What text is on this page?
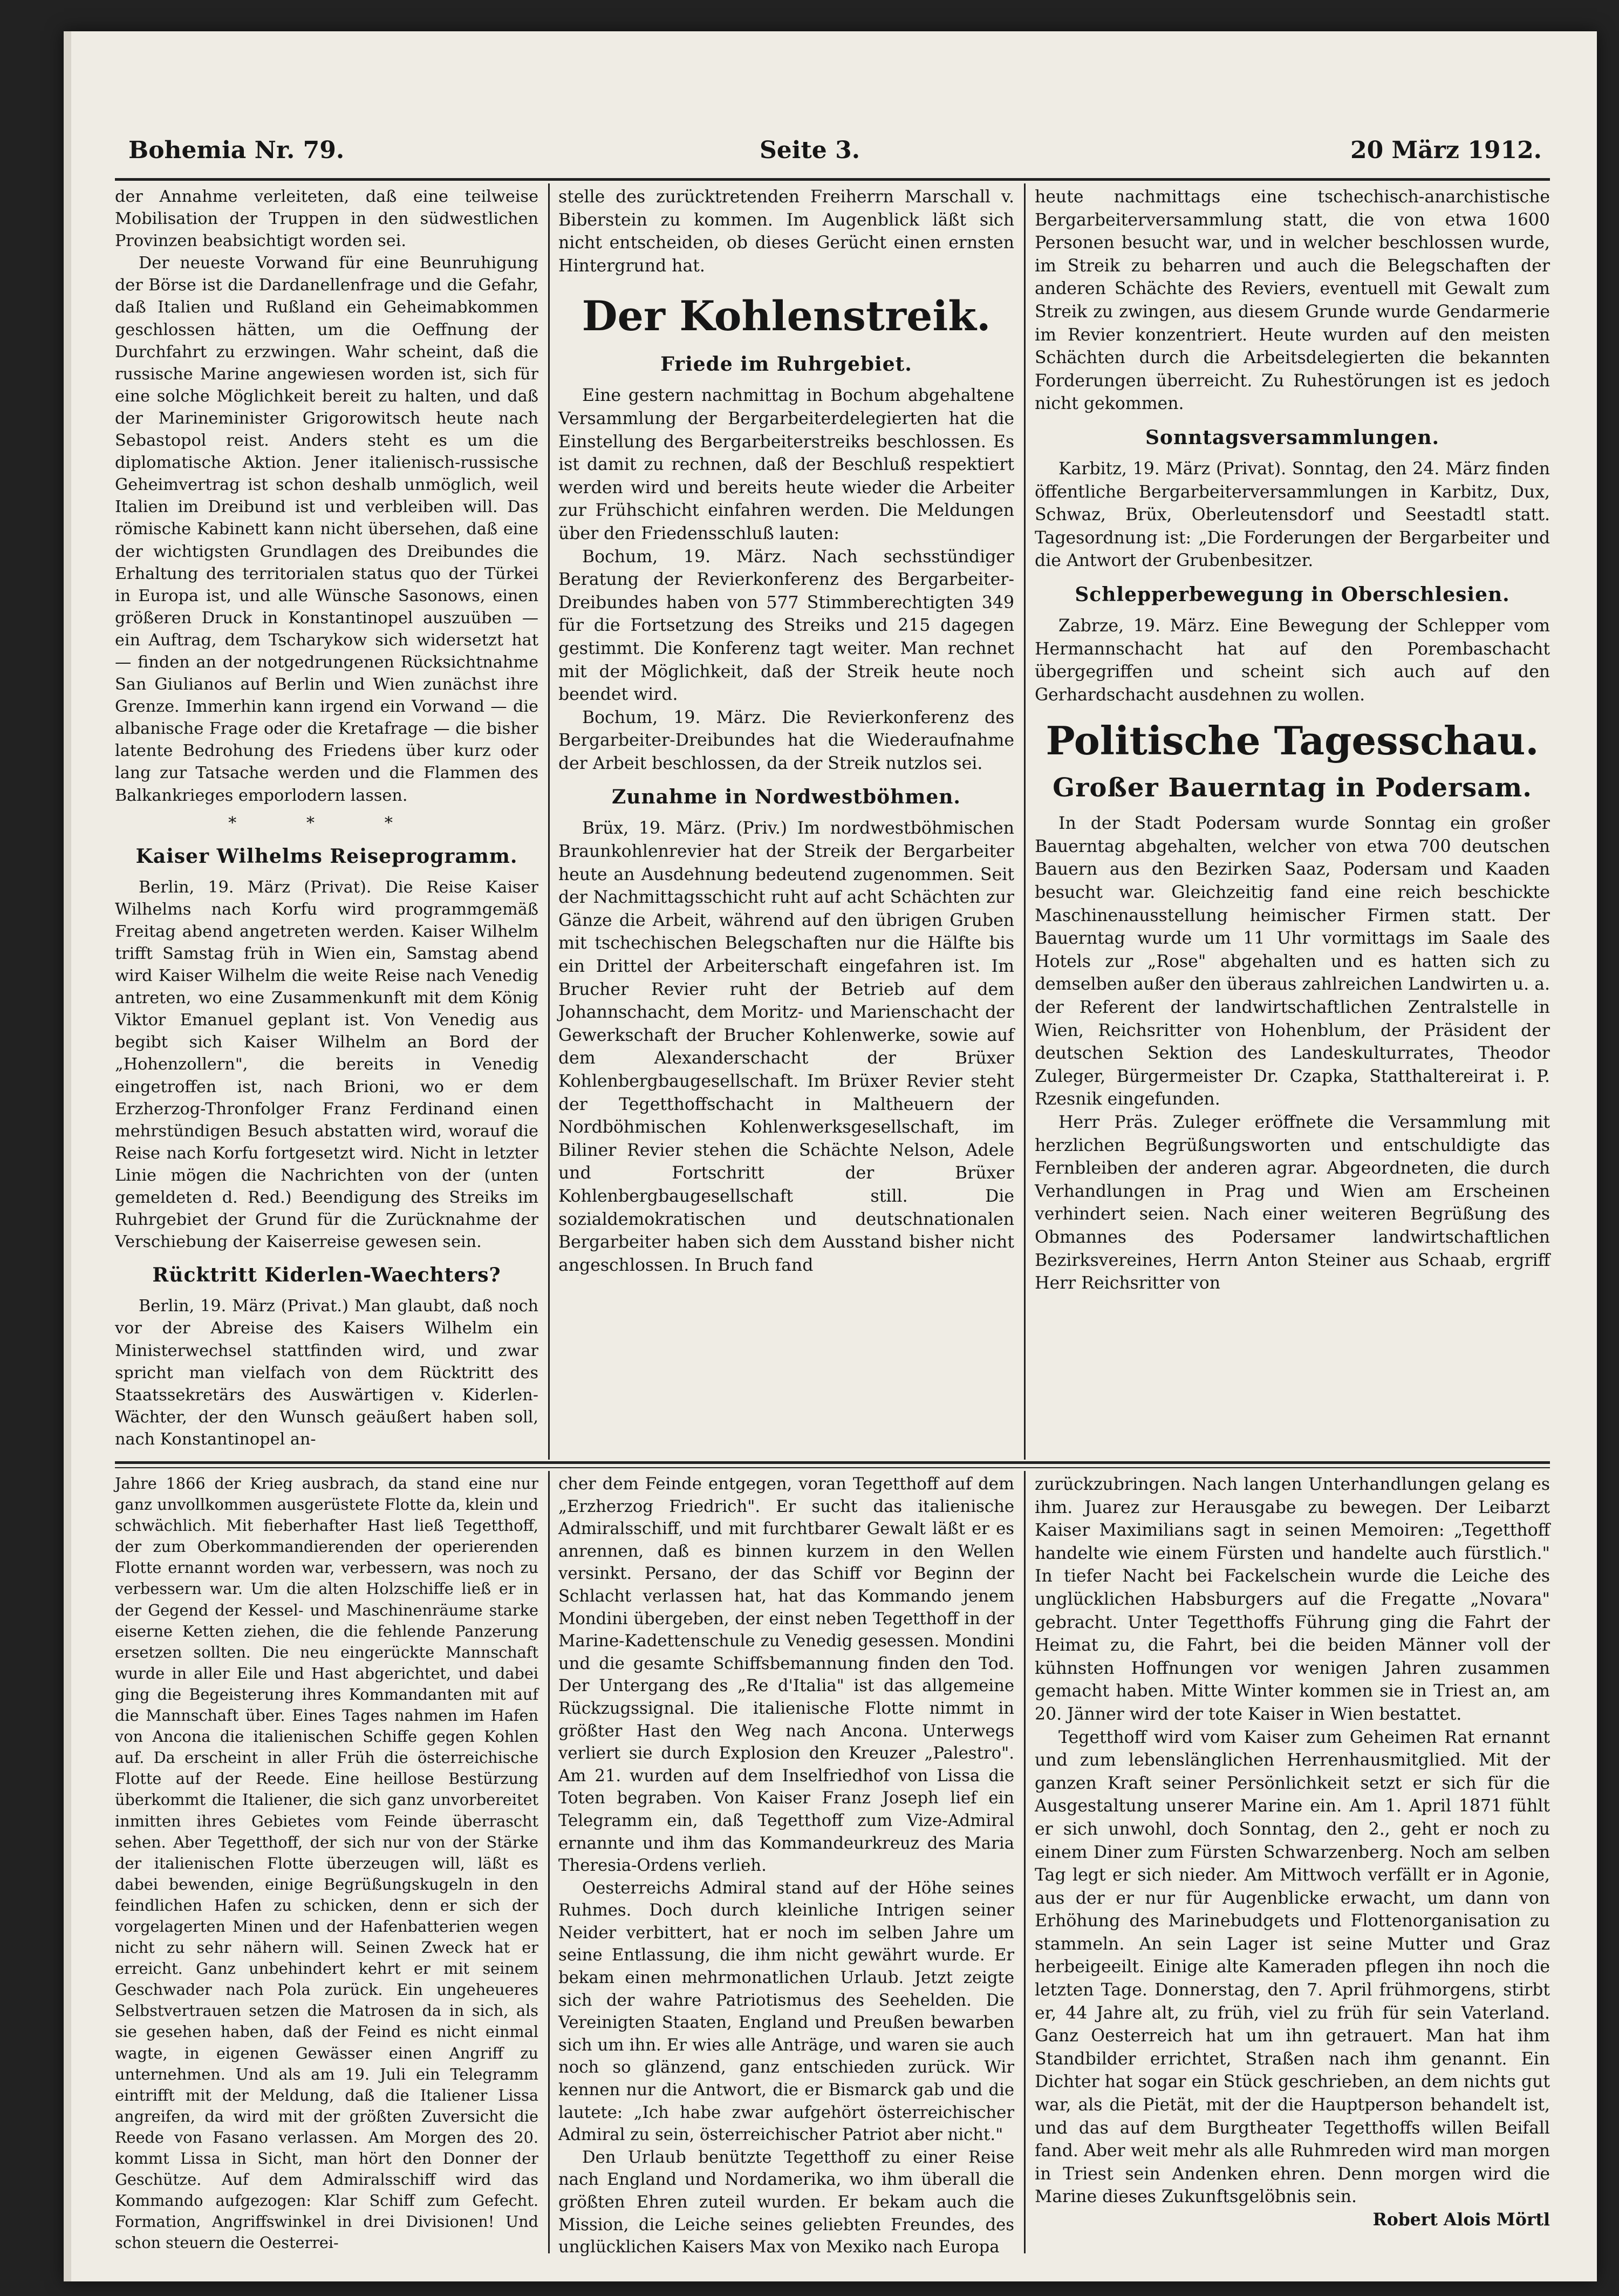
Bohemia Nr. 79.	Seite 3.	20 März 1912.

der Annahme verleiteten, daß eine teilweise Mobilisation der Truppen in den südwestlichen Provinzen beabsichtigt worden sei.

Der neueste Vorwand für eine Beunruhigung der Börse ist die Dardanellenfrage und die Gefahr, daß Italien und Rußland ein Geheimabkommen geschlossen hätten, um die Oeffnung der Durchfahrt zu erzwingen. Wahr scheint, daß die russische Marine angewiesen worden ist, sich für eine solche Möglichkeit bereit zu halten, und daß der Marineminister Grigorowitsch heute nach Sebastopol reist. Anders steht es um die diplomatische Aktion. Jener italienisch-russische Geheimvertrag ist schon deshalb unmöglich, weil Italien im Dreibund ist und verbleiben will. Das römische Kabinett kann nicht übersehen, daß eine der wichtigsten Grundlagen des Dreibundes die Erhaltung des territorialen status quo der Türkei in Europa ist, und alle Wünsche Sasonows, einen größeren Druck in Konstantinopel auszuüben — ein Auftrag, dem Tscharykow sich widersetzt hat — finden an der notgedrungenen Rücksichtnahme San Giulianos auf Berlin und Wien zunächst ihre Grenze. Immerhin kann irgend ein Vorwand — die albanische Frage oder die Kretafrage — die bisher latente Bedrohung des Friedens über kurz oder lang zur Tatsache werden und die Flammen des Balkankrieges emporlodern lassen.

* * *

Kaiser Wilhelms Reiseprogramm.

Berlin, 19. März (Privat). Die Reise Kaiser Wilhelms nach Korfu wird programmgemäß Freitag abend angetreten werden. Kaiser Wilhelm trifft Samstag früh in Wien ein, Samstag abend wird Kaiser Wilhelm die weite Reise nach Venedig antreten, wo eine Zusammenkunft mit dem König Viktor Emanuel geplant ist. Von Venedig aus begibt sich Kaiser Wilhelm an Bord der „Hohenzollern", die bereits in Venedig eingetroffen ist, nach Brioni, wo er dem Erzherzog-Thronfolger Franz Ferdinand einen mehrstündigen Besuch abstatten wird, worauf die Reise nach Korfu fortgesetzt wird. Nicht in letzter Linie mögen die Nachrichten von der (unten gemeldeten d. Red.) Beendigung des Streiks im Ruhrgebiet der Grund für die Zurücknahme der Verschiebung der Kaiserreise gewesen sein.

Rücktritt Kiderlen-Waechters?

Berlin, 19. März (Privat.) Man glaubt, daß noch vor der Abreise des Kaisers Wilhelm ein Ministerwechsel stattfinden wird, und zwar spricht man vielfach von dem Rücktritt des Staatssekretärs des Auswärtigen v. Kiderlen-Wächter, der den Wunsch geäußert haben soll, nach Konstantinopel an-

stelle des zurücktretenden Freiherrn Marschall v. Biberstein zu kommen. Im Augenblick läßt sich nicht entscheiden, ob dieses Gerücht einen ernsten Hintergrund hat.

Der Kohlenstreik.

Friede im Ruhrgebiet.

Eine gestern nachmittag in Bochum abgehaltene Versammlung der Bergarbeiterdelegierten hat die Einstellung des Bergarbeiterstreiks beschlossen. Es ist damit zu rechnen, daß der Beschluß respektiert werden wird und bereits heute wieder die Arbeiter zur Frühschicht einfahren werden. Die Meldungen über den Friedensschluß lauten:

Bochum, 19. März. Nach sechsstündiger Beratung der Revierkonferenz des Bergarbeiter-Dreibundes haben von 577 Stimmberechtigten 349 für die Fortsetzung des Streiks und 215 dagegen gestimmt. Die Konferenz tagt weiter. Man rechnet mit der Möglichkeit, daß der Streik heute noch beendet wird.

Bochum, 19. März. Die Revierkonferenz des Bergarbeiter-Dreibundes hat die Wiederaufnahme der Arbeit beschlossen, da der Streik nutzlos sei.

Zunahme in Nordwestböhmen.

Brüx, 19. März. (Priv.) Im nordwestböhmischen Braunkohlenrevier hat der Streik der Bergarbeiter heute an Ausdehnung bedeutend zugenommen. Seit der Nachmittagsschicht ruht auf acht Schächten zur Gänze die Arbeit, während auf den übrigen Gruben mit tschechischen Belegschaften nur die Hälfte bis ein Drittel der Arbeiterschaft eingefahren ist. Im Brucher Revier ruht der Betrieb auf dem Johannschacht, dem Moritz- und Marienschacht der Gewerkschaft der Brucher Kohlenwerke, sowie auf dem Alexanderschacht der Brüxer Kohlenbergbaugesellschaft. Im Brüxer Revier steht der Tegetthoffschacht in Maltheuern der Nordböhmischen Kohlenwerksgesellschaft, im Biliner Revier stehen die Schächte Nelson, Adele und Fortschritt der Brüxer Kohlenbergbaugesellschaft still. Die sozialdemokratischen und deutschnationalen Bergarbeiter haben sich dem Ausstand bisher nicht angeschlossen. In Bruch fand

heute nachmittags eine tschechisch-anarchistische Bergarbeiterversammlung statt, die von etwa 1600 Personen besucht war, und in welcher beschlossen wurde, im Streik zu beharren und auch die Belegschaften der anderen Schächte des Reviers, eventuell mit Gewalt zum Streik zu zwingen, aus diesem Grunde wurde Gendarmerie im Revier konzentriert. Heute wurden auf den meisten Schächten durch die Arbeitsdelegierten die bekannten Forderungen überreicht. Zu Ruhestörungen ist es jedoch nicht gekommen.

Sonntagsversammlungen.

Karbitz, 19. März (Privat). Sonntag, den 24. März finden öffentliche Bergarbeiterversammlungen in Karbitz, Dux, Schwaz, Brüx, Oberleutensdorf und Seestadtl statt. Tagesordnung ist: „Die Forderungen der Bergarbeiter und die Antwort der Grubenbesitzer.

Schlepperbewegung in Oberschlesien.

Zabrze, 19. März. Eine Bewegung der Schlepper vom Hermannschacht hat auf den Porembaschacht übergegriffen und scheint sich auch auf den Gerhardschacht ausdehnen zu wollen.

Politische Tagesschau.

Großer Bauerntag in Podersam.

In der Stadt Podersam wurde Sonntag ein großer Bauerntag abgehalten, welcher von etwa 700 deutschen Bauern aus den Bezirken Saaz, Podersam und Kaaden besucht war. Gleichzeitig fand eine reich beschickte Maschinenausstellung heimischer Firmen statt. Der Bauerntag wurde um 11 Uhr vormittags im Saale des Hotels zur „Rose" abgehalten und es hatten sich zu demselben außer den überaus zahlreichen Landwirten u. a. der Referent der landwirtschaftlichen Zentralstelle in Wien, Reichsritter von Hohenblum, der Präsident der deutschen Sektion des Landeskulturrates, Theodor Zuleger, Bürgermeister Dr. Czapka, Statthaltereirat i. P. Rzesnik eingefunden.

Herr Präs. Zuleger eröffnete die Versammlung mit herzlichen Begrüßungsworten und entschuldigte das Fernbleiben der anderen agrar. Abgeordneten, die durch Verhandlungen in Prag und Wien am Erscheinen verhindert seien. Nach einer weiteren Begrüßung des Obmannes des Podersamer landwirtschaftlichen Bezirksvereines, Herrn Anton Steiner aus Schaab, ergriff Herr Reichsritter von

Jahre 1866 der Krieg ausbrach, da stand eine nur ganz unvollkommen ausgerüstete Flotte da, klein und schwächlich. Mit fieberhafter Hast ließ Tegetthoff, der zum Oberkommandierenden der operierenden Flotte ernannt worden war, verbessern, was noch zu verbessern war. Um die alten Holzschiffe ließ er in der Gegend der Kessel- und Maschinenräume starke eiserne Ketten ziehen, die die fehlende Panzerung ersetzen sollten. Die neu eingerückte Mannschaft wurde in aller Eile und Hast abgerichtet, und dabei ging die Begeisterung ihres Kommandanten mit auf die Mannschaft über. Eines Tages nahmen im Hafen von Ancona die italienischen Schiffe gegen Kohlen auf. Da erscheint in aller Früh die österreichische Flotte auf der Reede. Eine heillose Bestürzung überkommt die Italiener, die sich ganz unvorbereitet inmitten ihres Gebietes vom Feinde überrascht sehen. Aber Tegetthoff, der sich nur von der Stärke der italienischen Flotte überzeugen will, läßt es dabei bewenden, einige Begrüßungskugeln in den feindlichen Hafen zu schicken, denn er sich der vorgelagerten Minen und der Hafenbatterien wegen nicht zu sehr nähern will. Seinen Zweck hat er erreicht. Ganz unbehindert kehrt er mit seinem Geschwader nach Pola zurück. Ein ungeheueres Selbstvertrauen setzen die Matrosen da in sich, als sie gesehen haben, daß der Feind es nicht einmal wagte, in eigenen Gewässer einen Angriff zu unternehmen. Und als am 19. Juli ein Telegramm eintrifft mit der Meldung, daß die Italiener Lissa angreifen, da wird mit der größten Zuversicht die Reede von Fasano verlassen. Am Morgen des 20. kommt Lissa in Sicht, man hört den Donner der Geschütze. Auf dem Admiralsschiff wird das Kommando aufgezogen: Klar Schiff zum Gefecht. Formation, Angriffswinkel in drei Divisionen! Und schon steuern die Oesterrei-

cher dem Feinde entgegen, voran Tegetthoff auf dem „Erzherzog Friedrich". Er sucht das italienische Admiralsschiff, und mit furchtbarer Gewalt läßt er es anrennen, daß es binnen kurzem in den Wellen versinkt. Persano, der das Schiff vor Beginn der Schlacht verlassen hat, hat das Kommando jenem Mondini übergeben, der einst neben Tegetthoff in der Marine-Kadettenschule zu Venedig gesessen. Mondini und die gesamte Schiffsbemannung finden den Tod. Der Untergang des „Re d'Italia" ist das allgemeine Rückzugssignal. Die italienische Flotte nimmt in größter Hast den Weg nach Ancona. Unterwegs verliert sie durch Explosion den Kreuzer „Palestro". Am 21. wurden auf dem Inselfriedhof von Lissa die Toten begraben. Von Kaiser Franz Joseph lief ein Telegramm ein, daß Tegetthoff zum Vize-Admiral ernannte und ihm das Kommandeurkreuz des Maria Theresia-Ordens verlieh.

Oesterreichs Admiral stand auf der Höhe seines Ruhmes. Doch durch kleinliche Intrigen seiner Neider verbittert, hat er noch im selben Jahre um seine Entlassung, die ihm nicht gewährt wurde. Er bekam einen mehrmonatlichen Urlaub. Jetzt zeigte sich der wahre Patriotismus des Seehelden. Die Vereinigten Staaten, England und Preußen bewarben sich um ihn. Er wies alle Anträge, und waren sie auch noch so glänzend, ganz entschieden zurück. Wir kennen nur die Antwort, die er Bismarck gab und die lautete: „Ich habe zwar aufgehört österreichischer Admiral zu sein, österreichischer Patriot aber nicht."

Den Urlaub benützte Tegetthoff zu einer Reise nach England und Nordamerika, wo ihm überall die größten Ehren zuteil wurden. Er bekam auch die Mission, die Leiche seines geliebten Freundes, des unglücklichen Kaisers Max von Mexiko nach Europa

zurückzubringen. Nach langen Unterhandlungen gelang es ihm. Juarez zur Herausgabe zu bewegen. Der Leibarzt Kaiser Maximilians sagt in seinen Memoiren: „Tegetthoff handelte wie einem Fürsten und handelte auch fürstlich." In tiefer Nacht bei Fackelschein wurde die Leiche des unglücklichen Habsburgers auf die Fregatte „Novara" gebracht. Unter Tegetthoffs Führung ging die Fahrt der Heimat zu, die Fahrt, bei die beiden Männer voll der kühnsten Hoffnungen vor wenigen Jahren zusammen gemacht haben. Mitte Winter kommen sie in Triest an, am 20. Jänner wird der tote Kaiser in Wien bestattet.

Tegetthoff wird vom Kaiser zum Geheimen Rat ernannt und zum lebenslänglichen Herrenhausmitglied. Mit der ganzen Kraft seiner Persönlichkeit setzt er sich für die Ausgestaltung unserer Marine ein. Am 1. April 1871 fühlt er sich unwohl, doch Sonntag, den 2., geht er noch zu einem Diner zum Fürsten Schwarzenberg. Noch am selben Tag legt er sich nieder. Am Mittwoch verfällt er in Agonie, aus der er nur für Augenblicke erwacht, um dann von Erhöhung des Marinebudgets und Flottenorganisation zu stammeln. An sein Lager ist seine Mutter und Graz herbeigeeilt. Einige alte Kameraden pflegen ihn noch die letzten Tage. Donnerstag, den 7. April frühmorgens, stirbt er, 44 Jahre alt, zu früh, viel zu früh für sein Vaterland. Ganz Oesterreich hat um ihn getrauert. Man hat ihm Standbilder errichtet, Straßen nach ihm genannt. Ein Dichter hat sogar ein Stück geschrieben, an dem nichts gut war, als die Pietät, mit der die Hauptperson behandelt ist, und das auf dem Burgtheater Tegetthoffs willen Beifall fand. Aber weit mehr als alle Ruhmreden wird man morgen in Triest sein Andenken ehren. Denn morgen wird die Marine dieses Zukunftsgelöbnis sein.

Robert Alois Mörtl
